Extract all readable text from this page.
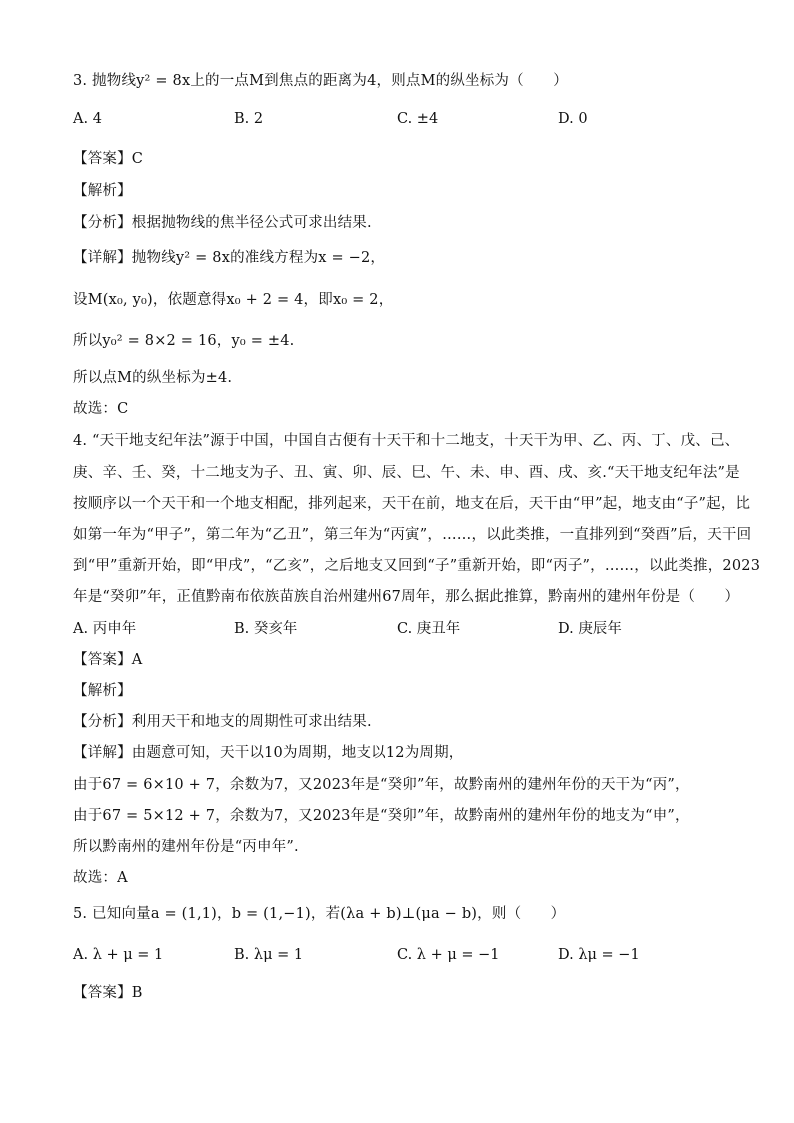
3. 抛物线y² = 8x上的一点M到焦点的距离为4，则点M的纵坐标为（　　）
A. 4	B. 2	C. ±4	D. 0
【答案】C
【解析】
【分析】根据抛物线的焦半径公式可求出结果.
【详解】抛物线y² = 8x的准线方程为x = −2，
设M(x₀, y₀)，依题意得x₀ + 2 = 4，即x₀ = 2，
所以y₀² = 8×2 = 16，y₀ = ±4.
所以点M的纵坐标为±4.
故选：C
4. “天干地支纪年法”源于中国，中国自古便有十天干和十二地支，十天干为甲、乙、丙、丁、戊、己、
庚、辛、壬、癸，十二地支为子、丑、寅、卯、辰、巳、午、未、申、酉、戌、亥.“天干地支纪年法”是
按顺序以一个天干和一个地支相配，排列起来，天干在前，地支在后，天干由“甲”起，地支由“子”起，比
如第一年为“甲子”，第二年为“乙丑”，第三年为“丙寅”，……，以此类推，一直排列到“癸酉”后，天干回
到“甲”重新开始，即“甲戌”，“乙亥”，之后地支又回到“子”重新开始，即“丙子”，……，以此类推，2023
年是“癸卯”年，正值黔南布依族苗族自治州建州67周年，那么据此推算，黔南州的建州年份是（　　）
A. 丙申年	B. 癸亥年	C. 庚丑年	D. 庚辰年
【答案】A
【解析】
【分析】利用天干和地支的周期性可求出结果.
【详解】由题意可知，天干以10为周期，地支以12为周期，
由于67 = 6×10 + 7，余数为7，又2023年是“癸卯”年，故黔南州的建州年份的天干为“丙”，
由于67 = 5×12 + 7，余数为7，又2023年是“癸卯”年，故黔南州的建州年份的地支为“申”，
所以黔南州的建州年份是“丙申年”.
故选：A
5. 已知向量a = (1,1)，b = (1,−1)，若(λa + b)⊥(μa − b)，则（　　）
A. λ + μ = 1	B. λμ = 1	C. λ + μ = −1	D. λμ = −1
【答案】B
